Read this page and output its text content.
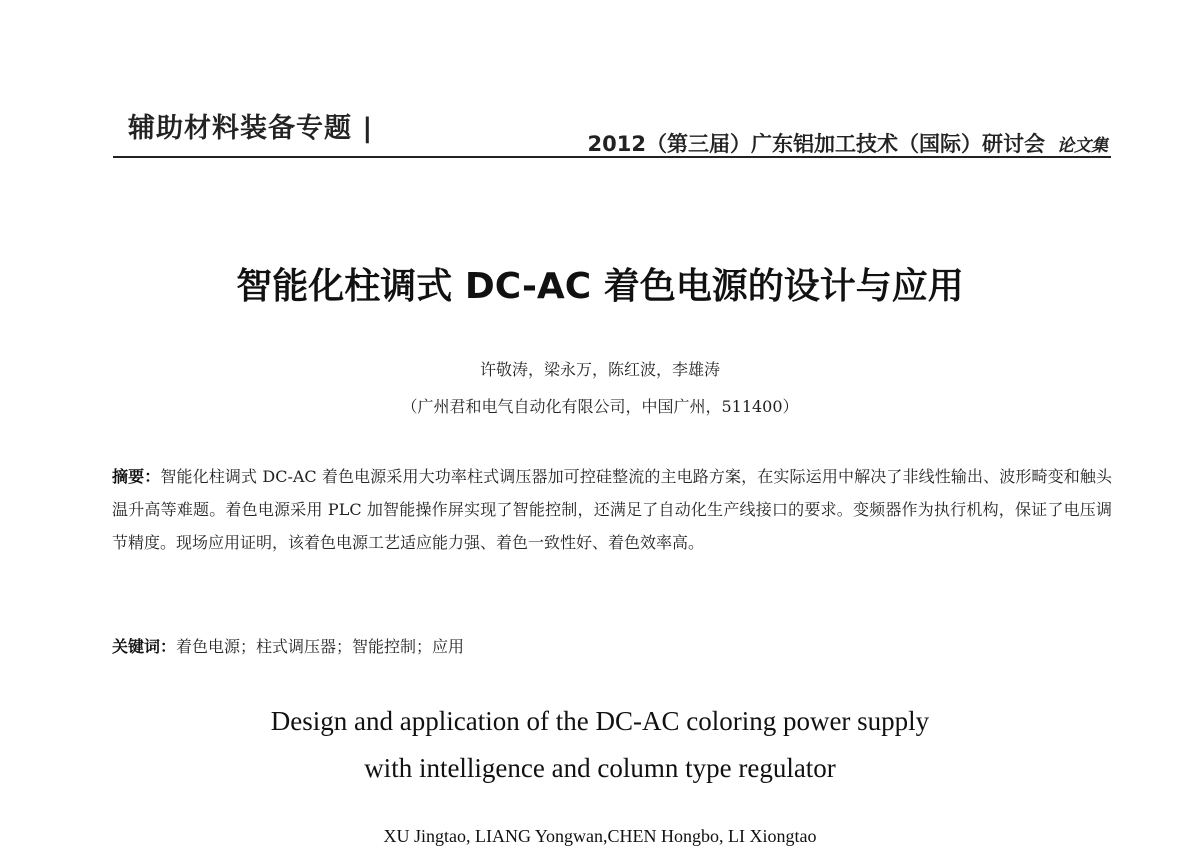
辅助材料装备专题 |	2012（第三届）广东铝加工技术（国际）研讨会 论文集
智能化柱调式 DC-AC 着色电源的设计与应用
许敬涛，梁永万，陈红波，李雄涛
（广州君和电气自动化有限公司，中国广州，511400）
摘要：智能化柱调式 DC-AC 着色电源采用大功率柱式调压器加可控硅整流的主电路方案，在实际运用中解决了非线性输出、波形畸变和触头温升高等难题。着色电源采用 PLC 加智能操作屏实现了智能控制，还满足了自动化生产线接口的要求。变频器作为执行机构，保证了电压调节精度。现场应用证明，该着色电源工艺适应能力强、着色一致性好、着色效率高。
关键词：着色电源；柱式调压器；智能控制；应用
Design and application of the DC-AC coloring power supply
with intelligence and column type regulator
XU Jingtao, LIANG Yongwan,CHEN Hongbo, LI Xiongtao
